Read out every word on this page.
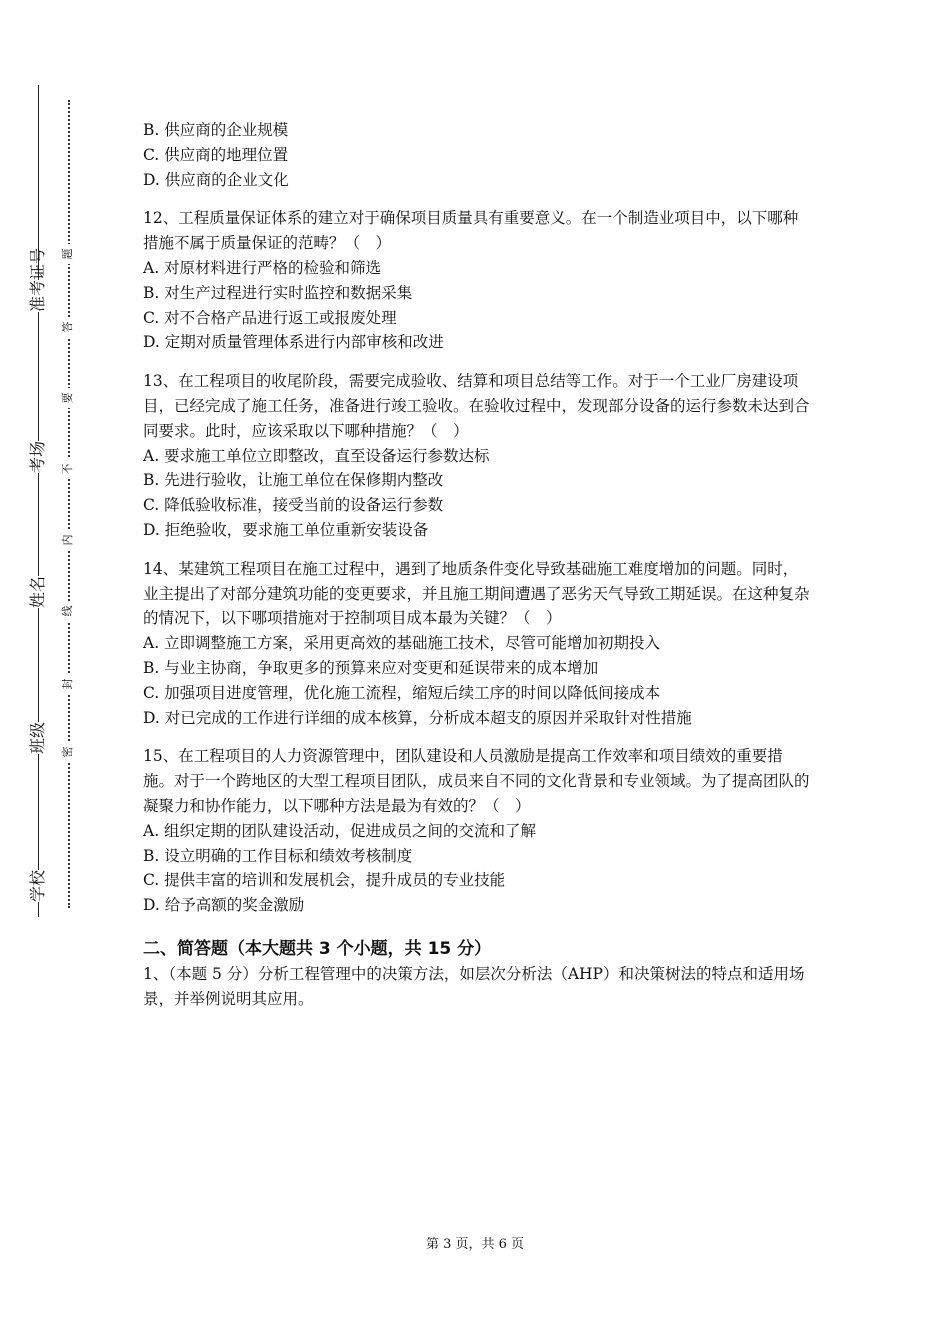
学校
班级
姓名
考场
准考证号
密
封
线
内
不
要
答
题

B. 供应商的企业规模

C. 供应商的地理位置

D. 供应商的企业文化

12、工程质量保证体系的建立对于确保项目质量具有重要意义。在一个制造业项目中，以下哪种措施不属于质量保证的范畴？（　）

A. 对原材料进行严格的检验和筛选

B. 对生产过程进行实时监控和数据采集

C. 对不合格产品进行返工或报废处理

D. 定期对质量管理体系进行内部审核和改进

13、在工程项目的收尾阶段，需要完成验收、结算和项目总结等工作。对于一个工业厂房建设项目，已经完成了施工任务，准备进行竣工验收。在验收过程中，发现部分设备的运行参数未达到合同要求。此时，应该采取以下哪种措施？（　）

A. 要求施工单位立即整改，直至设备运行参数达标

B. 先进行验收，让施工单位在保修期内整改

C. 降低验收标准，接受当前的设备运行参数

D. 拒绝验收，要求施工单位重新安装设备

14、某建筑工程项目在施工过程中，遇到了地质条件变化导致基础施工难度增加的问题。同时，业主提出了对部分建筑功能的变更要求，并且施工期间遭遇了恶劣天气导致工期延误。在这种复杂的情况下，以下哪项措施对于控制项目成本最为关键？（　）

A. 立即调整施工方案，采用更高效的基础施工技术，尽管可能增加初期投入

B. 与业主协商，争取更多的预算来应对变更和延误带来的成本增加

C. 加强项目进度管理，优化施工流程，缩短后续工序的时间以降低间接成本

D. 对已完成的工作进行详细的成本核算，分析成本超支的原因并采取针对性措施

15、在工程项目的人力资源管理中，团队建设和人员激励是提高工作效率和项目绩效的重要措施。对于一个跨地区的大型工程项目团队，成员来自不同的文化背景和专业领域。为了提高团队的凝聚力和协作能力，以下哪种方法是最为有效的？（　）

A. 组织定期的团队建设活动，促进成员之间的交流和了解

B. 设立明确的工作目标和绩效考核制度

C. 提供丰富的培训和发展机会，提升成员的专业技能

D. 给予高额的奖金激励

二、简答题（本大题共 3 个小题，共 15 分）

1、（本题 5 分）分析工程管理中的决策方法，如层次分析法（AHP）和决策树法的特点和适用场景，并举例说明其应用。

第 3 页，共 6 页
